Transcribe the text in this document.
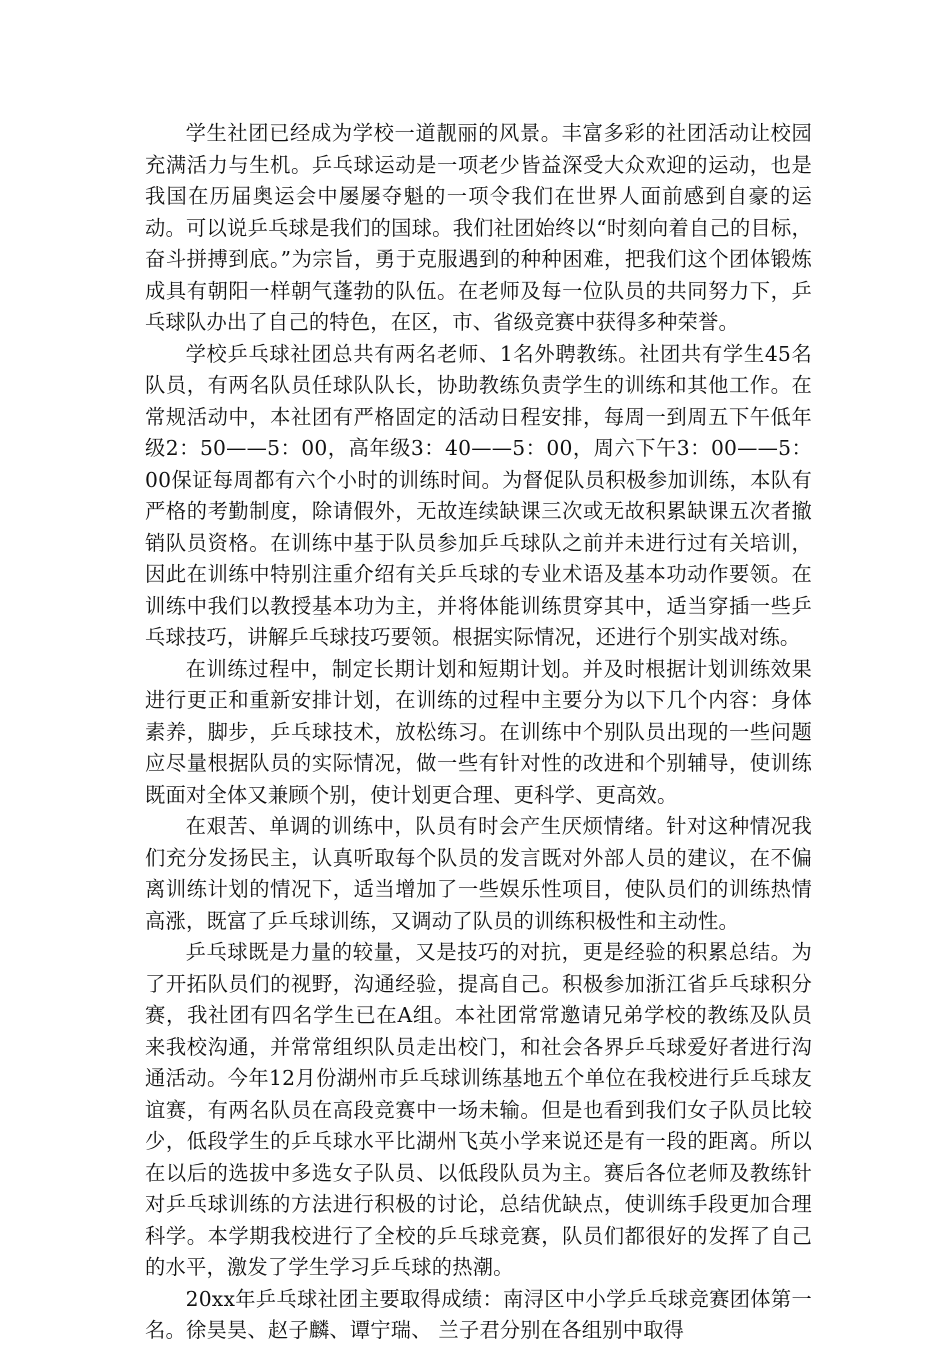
学生社团已经成为学校一道靓丽的风景。丰富多彩的社团活动让校园充满活力与生机。乒乓球运动是一项老少皆益深受大众欢迎的运动，也是我国在历届奥运会中屡屡夺魁的一项令我们在世界人面前感到自豪的运动。可以说乒乓球是我们的国球。我们社团始终以“时刻向着自己的目标，奋斗拼搏到底。”为宗旨，勇于克服遇到的种种困难，把我们这个团体锻炼成具有朝阳一样朝气蓬勃的队伍。在老师及每一位队员的共同努力下，乒乓球队办出了自己的特色，在区，市、省级竞赛中获得多种荣誉。

学校乒乓球社团总共有两名老师、1名外聘教练。社团共有学生45名队员，有两名队员任球队队长，协助教练负责学生的训练和其他工作。在常规活动中，本社团有严格固定的活动日程安排，每周一到周五下午低年级2：50——5：00，高年级3：40——5：00，周六下午3：00——5：00保证每周都有六个小时的训练时间。为督促队员积极参加训练，本队有严格的考勤制度，除请假外，无故连续缺课三次或无故积累缺课五次者撤销队员资格。在训练中基于队员参加乒乓球队之前并未进行过有关培训，因此在训练中特别注重介绍有关乒乓球的专业术语及基本功动作要领。在训练中我们以教授基本功为主，并将体能训练贯穿其中，适当穿插一些乒乓球技巧，讲解乒乓球技巧要领。根据实际情况，还进行个别实战对练。

在训练过程中，制定长期计划和短期计划。并及时根据计划训练效果进行更正和重新安排计划，在训练的过程中主要分为以下几个内容：身体素养，脚步，乒乓球技术，放松练习。在训练中个别队员出现的一些问题应尽量根据队员的实际情况，做一些有针对性的改进和个别辅导，使训练既面对全体又兼顾个别，使计划更合理、更科学、更高效。

在艰苦、单调的训练中，队员有时会产生厌烦情绪。针对这种情况我们充分发扬民主，认真听取每个队员的发言既对外部人员的建议，在不偏离训练计划的情况下，适当增加了一些娱乐性项目，使队员们的训练热情高涨，既富了乒乓球训练，又调动了队员的训练积极性和主动性。

乒乓球既是力量的较量，又是技巧的对抗，更是经验的积累总结。为了开拓队员们的视野，沟通经验，提高自己。积极参加浙江省乒乓球积分赛，我社团有四名学生已在A组。本社团常常邀请兄弟学校的教练及队员来我校沟通，并常常组织队员走出校门，和社会各界乒乓球爱好者进行沟通活动。今年12月份湖州市乒乓球训练基地五个单位在我校进行乒乓球友谊赛，有两名队员在高段竞赛中一场未输。但是也看到我们女子队员比较少，低段学生的乒乓球水平比湖州飞英小学来说还是有一段的距离。所以在以后的选拔中多选女子队员、以低段队员为主。赛后各位老师及教练针对乒乓球训练的方法进行积极的讨论，总结优缺点，使训练手段更加合理科学。本学期我校进行了全校的乒乓球竞赛，队员们都很好的发挥了自己的水平，激发了学生学习乒乓球的热潮。

20xx年乒乓球社团主要取得成绩：南浔区中小学乒乓球竞赛团体第一名。徐昊昊、赵子麟、谭宁瑞、 兰子君分别在各组别中取得
